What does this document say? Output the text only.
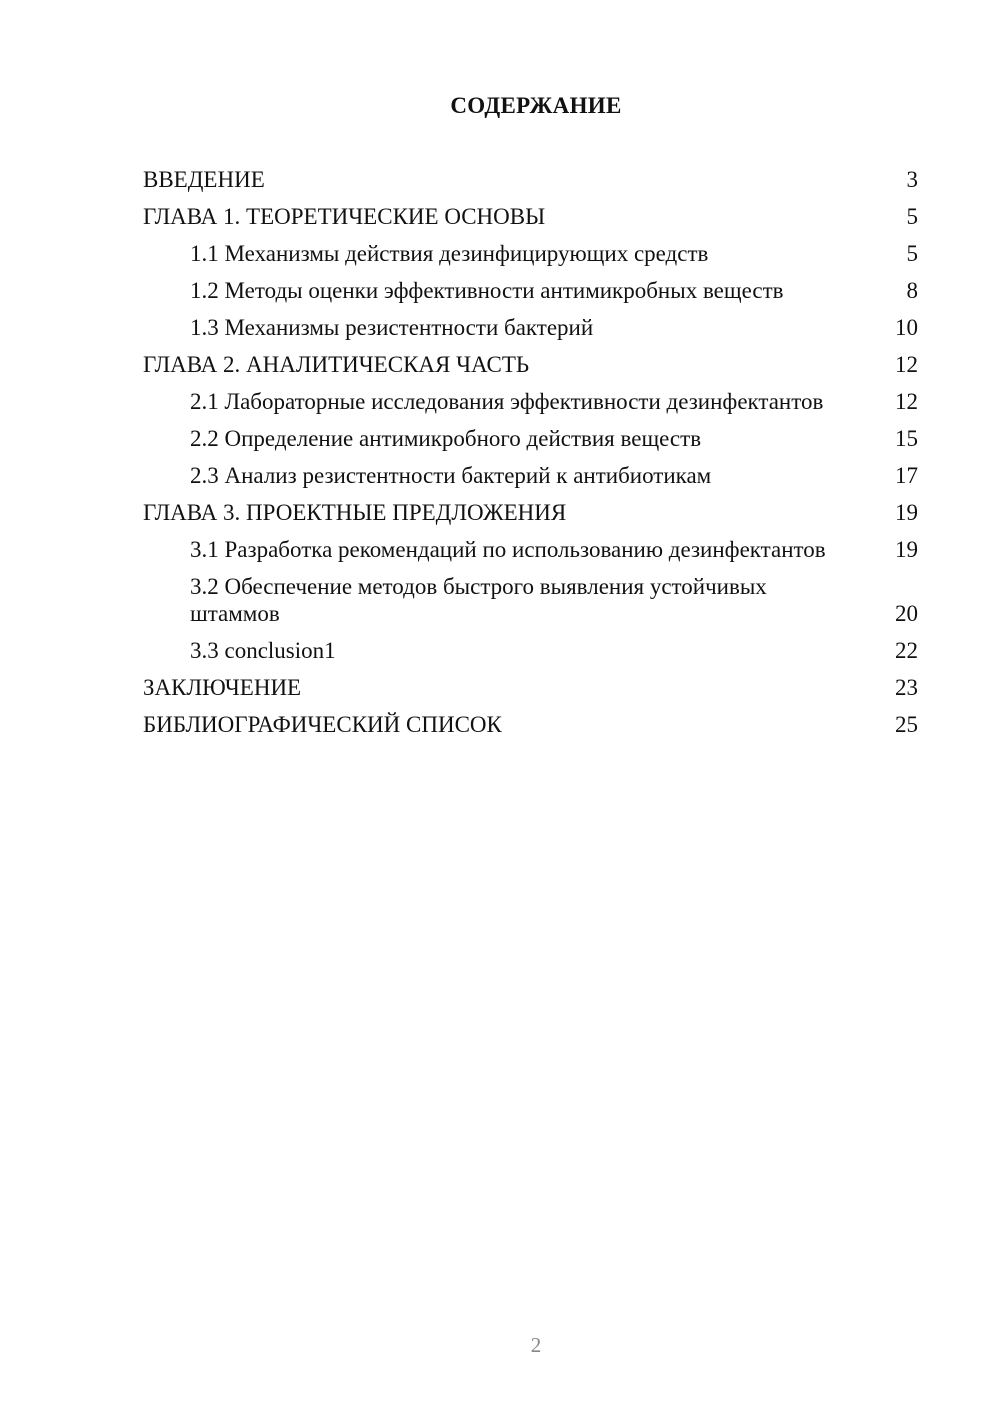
СОДЕРЖАНИЕ
ВВЕДЕНИЕ	3
ГЛАВА 1. ТЕОРЕТИЧЕСКИЕ ОСНОВЫ	5
1.1 Механизмы действия дезинфицирующих средств	5
1.2 Методы оценки эффективности антимикробных веществ	8
1.3 Механизмы резистентности бактерий	10
ГЛАВА 2. АНАЛИТИЧЕСКАЯ ЧАСТЬ	12
2.1 Лабораторные исследования эффективности дезинфектантов	12
2.2 Определение антимикробного действия веществ	15
2.3 Анализ резистентности бактерий к антибиотикам	17
ГЛАВА 3. ПРОЕКТНЫЕ ПРЕДЛОЖЕНИЯ	19
3.1 Разработка рекомендаций по использованию дезинфектантов	19
3.2 Обеспечение методов быстрого выявления устойчивых штаммов	20
3.3 conclusion1	22
ЗАКЛЮЧЕНИЕ	23
БИБЛИОГРАФИЧЕСКИЙ СПИСОК	25
2
